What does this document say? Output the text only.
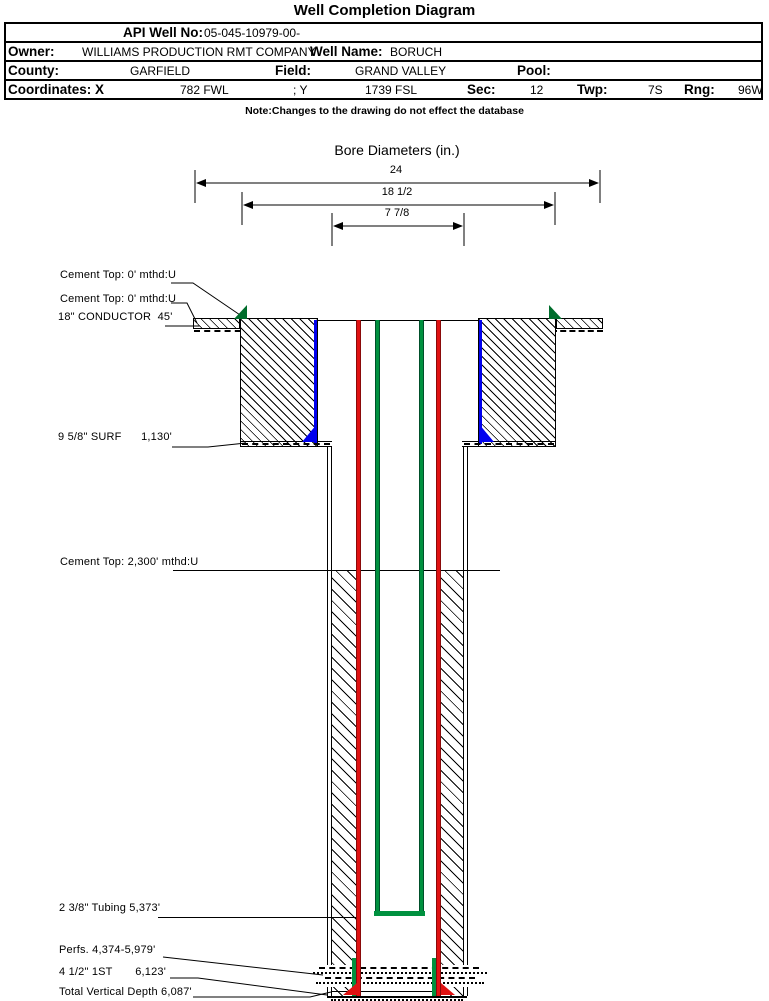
Well Completion Diagram
API Well No: 05-045-10979-00-
Owner: WILLIAMS PRODUCTION RMT COMPANY
Well Name: BORUCH
County:	GARFIELD	Field:	GRAND VALLEY	Pool:
Coordinates: X	782 FWL	; Y	1739 FSL	Sec:	12 Twp:	7S Rng: 96W
Note:Changes to the drawing do not effect the database
Bore Diameters (in.)
24
18 1/2
7 7/8
Cement Top: 0' mthd:U
Cement Top: 0' mthd:U
18" CONDUCTOR  45'
9 5/8" SURF      1,130'
Cement Top: 2,300' mthd:U
2 3/8" Tubing 5,373'
Perfs. 4,374-5,979'
4 1/2" 1ST       6,123'
Total Vertical Depth 6,087'
